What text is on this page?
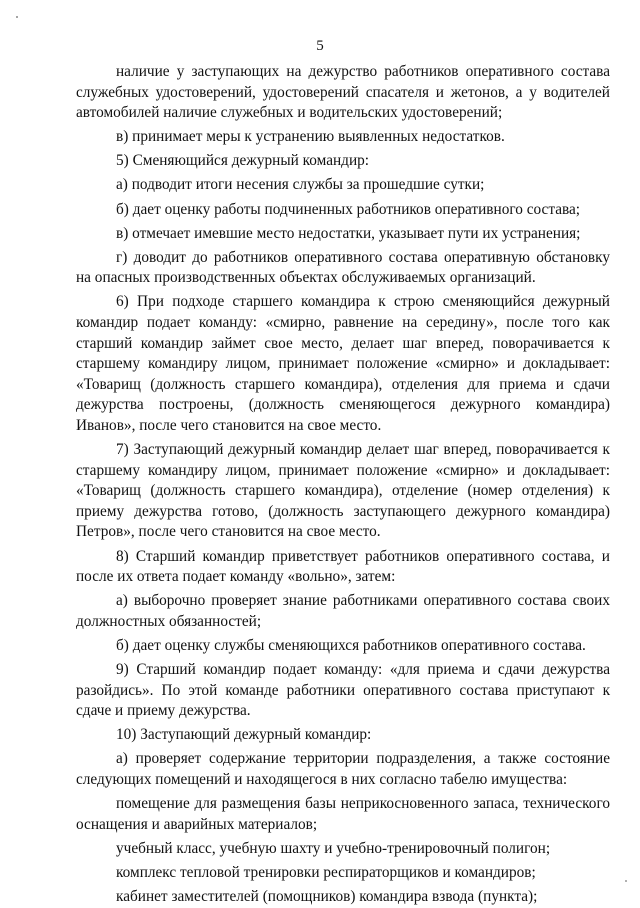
5

наличие у заступающих на дежурство работников оперативного состава служебных удостоверений, удостоверений спасателя и жетонов, а у водителей автомобилей наличие служебных и водительских удостоверений;

в) принимает меры к устранению выявленных недостатков.

5) Сменяющийся дежурный командир:

а) подводит итоги несения службы за прошедшие сутки;

б) дает оценку работы подчиненных работников оперативного состава;

в) отмечает имевшие место недостатки, указывает пути их устранения;

г) доводит до работников оперативного состава оперативную обстановку на опасных производственных объектах обслуживаемых организаций.

6) При подходе старшего командира к строю сменяющийся дежурный командир подает команду: «смирно, равнение на середину», после того как старший командир займет свое место, делает шаг вперед, поворачивается к старшему командиру лицом, принимает положение «смирно» и докладывает: «Товарищ (должность старшего командира), отделения для приема и сдачи дежурства построены, (должность сменяющегося дежурного командира) Иванов», после чего становится на свое место.

7) Заступающий дежурный командир делает шаг вперед, поворачивается к старшему командиру лицом, принимает положение «смирно» и докладывает: «Товарищ (должность старшего командира), отделение (номер отделения) к приему дежурства готово, (должность заступающего дежурного командира) Петров», после чего становится на свое место.

8) Старший командир приветствует работников оперативного состава, и после их ответа подает команду «вольно», затем:

а) выборочно проверяет знание работниками оперативного состава своих должностных обязанностей;

б) дает оценку службы сменяющихся работников оперативного состава.

9) Старший командир подает команду: «для приема и сдачи дежурства разойдись». По этой команде работники оперативного состава приступают к сдаче и приему дежурства.

10) Заступающий дежурный командир:

а) проверяет содержание территории подразделения, а также состояние следующих помещений и находящегося в них согласно табелю имущества:

помещение для размещения базы неприкосновенного запаса, технического оснащения и аварийных материалов;

учебный класс, учебную шахту и учебно-тренировочный полигон;

комплекс тепловой тренировки респираторщиков и командиров;

кабинет заместителей (помощников) командира взвода (пункта);
